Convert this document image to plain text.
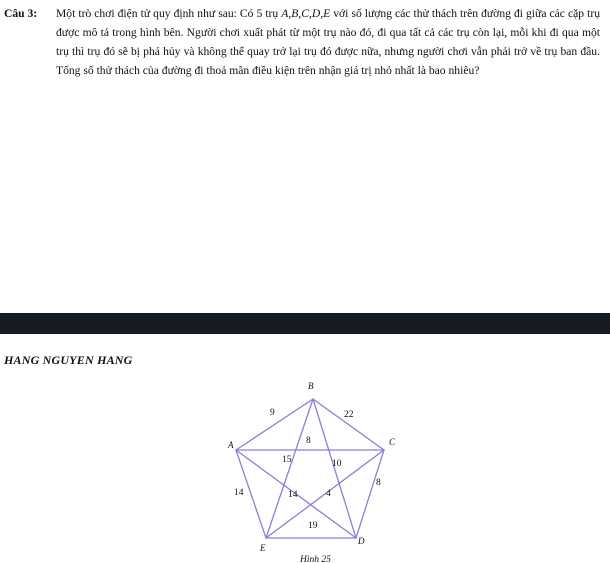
Câu 3: Một trò chơi điện tử quy định như sau: Có 5 trụ A,B,C,D,E với số lượng các thử thách trên đường đi giữa các cặp trụ được mô tả trong hình bên. Người chơi xuất phát từ một trụ nào đó, đi qua tất cả các trụ còn lại, mỗi khi đi qua một trụ thì trụ đó sẽ bị phá hủy và không thể quay trở lại trụ đó được nữa, nhưng người chơi vẫn phải trở về trụ ban đầu. Tổng số thử thách của đường đi thoả mãn điều kiện trên nhận giá trị nhỏ nhất là bao nhiêu?
HANG NGUYEN HANG
B
A	C
E
D
9	22
8
15	10
14	14	4
8
19
Hình 25
